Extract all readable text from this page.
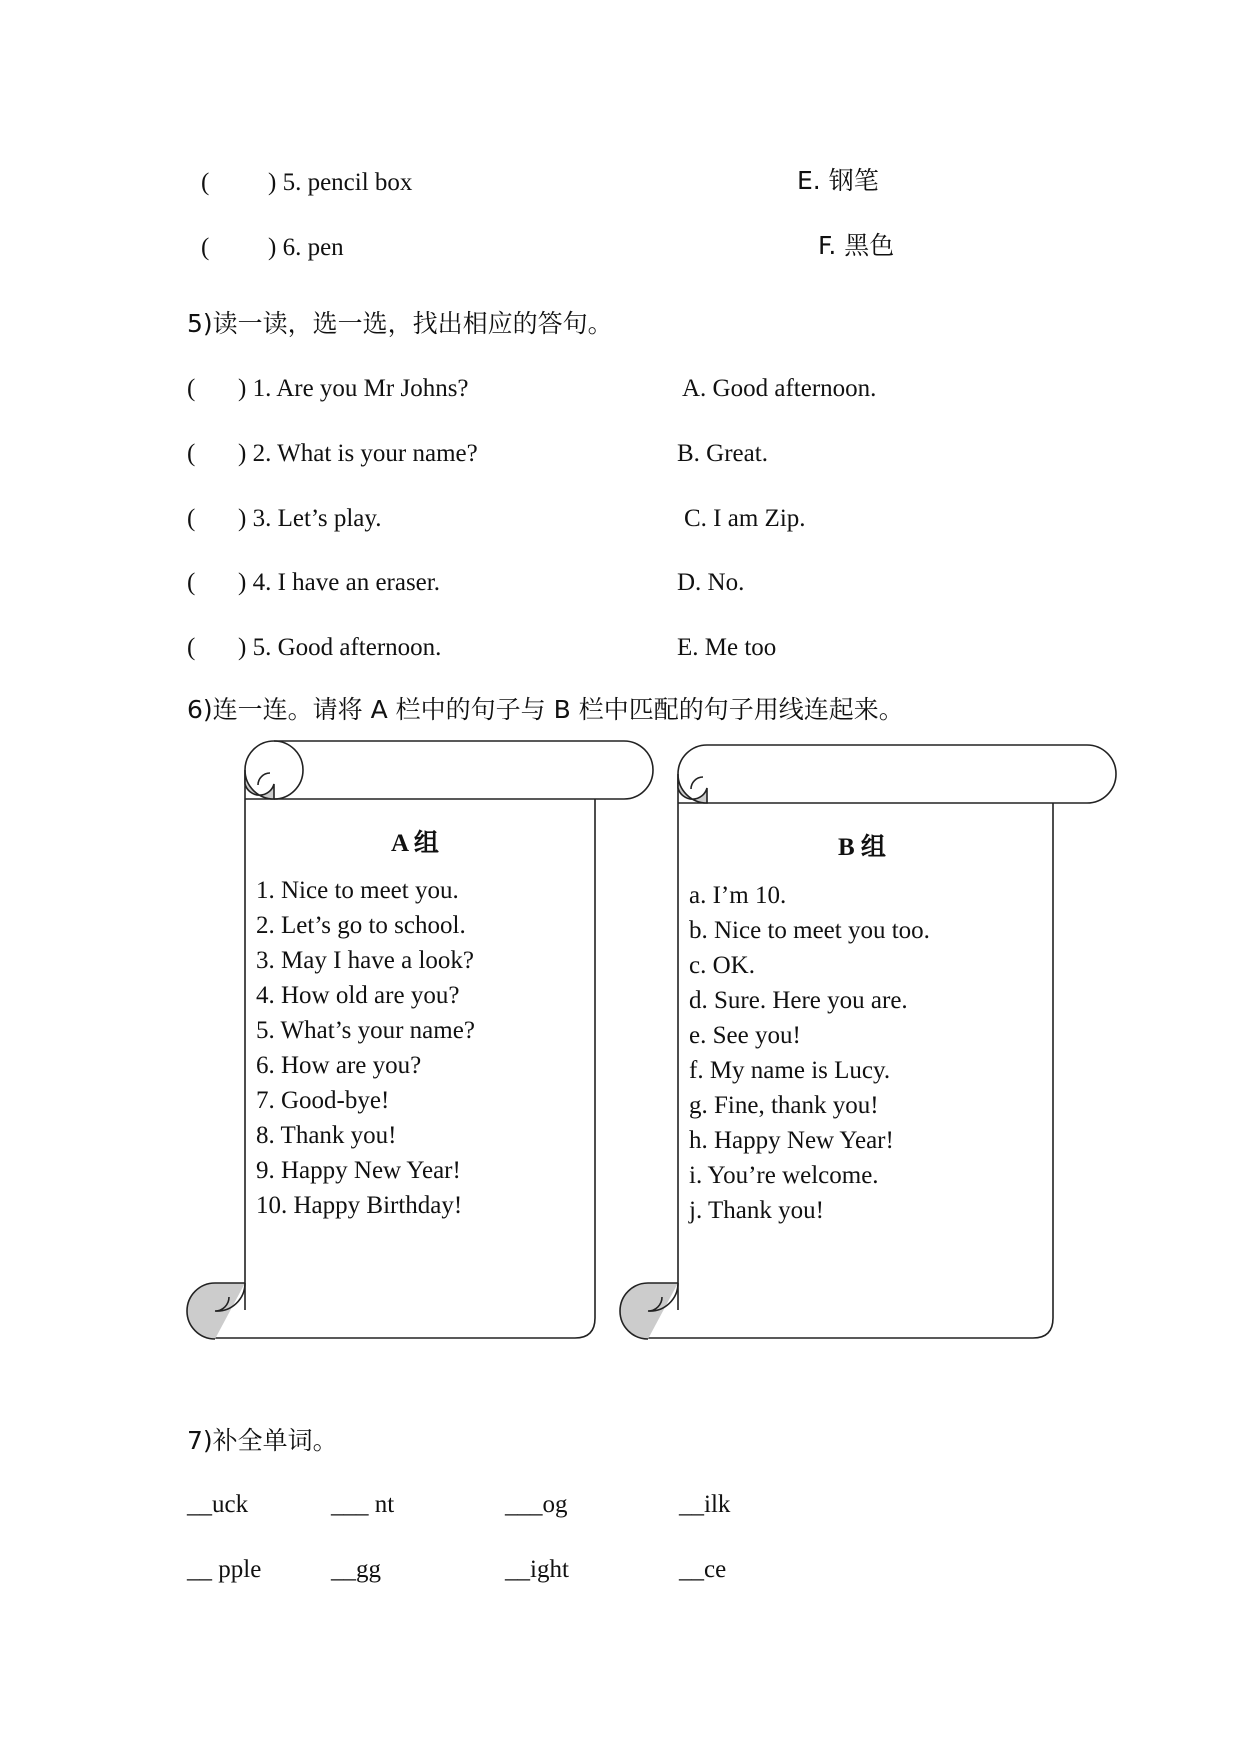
( ) 5. pencil box	E. 钢笔
( ) 6. pen	F. 黑色
5)读一读，选一选，找出相应的答句。
( ) 1. Are you Mr Johns?	A. Good afternoon.
( ) 2. What is your name?	B. Great.
( ) 3. Let’s play.	C. I am Zip.
( ) 4. I have an eraser.	D. No.
( ) 5. Good afternoon.	E. Me too
6)连一连。请将 A 栏中的句子与 B 栏中匹配的句子用线连起来。
A 组
1. Nice to meet you.
2. Let’s go to school.
3. May I have a look?
4. How old are you?
5. What’s your name?
6. How are you?
7. Good-bye!
8. Thank you!
9. Happy New Year!
10. Happy Birthday!
B 组
a. I’m 10.
b. Nice to meet you too.
c. OK.
d. Sure. Here you are.
e. See you!
f. My name is Lucy.
g. Fine, thank you!
h. Happy New Year!
i. You’re welcome.
j. Thank you!
7)补全单词。
__uck	___ nt	___og	__ilk
__ pple	__gg	__ight	__ce
